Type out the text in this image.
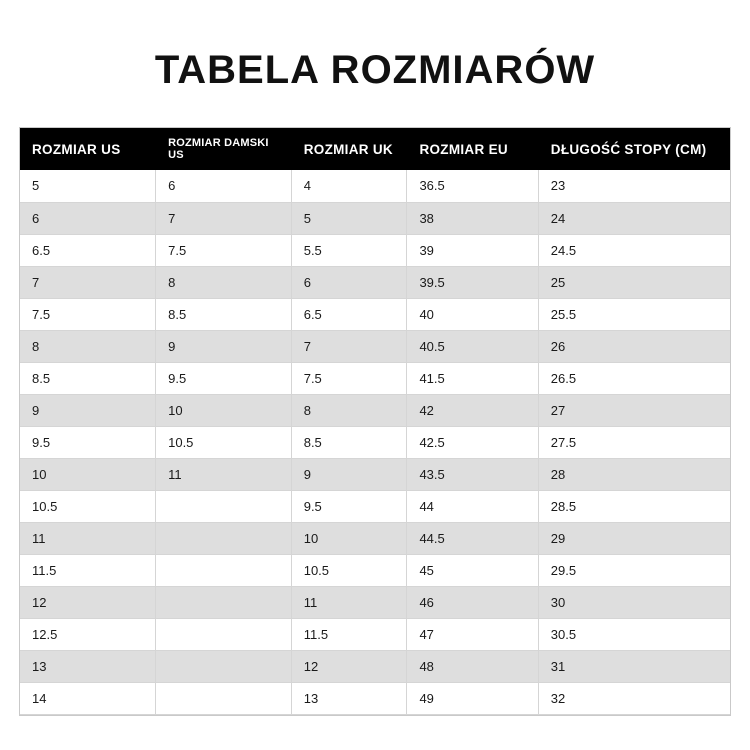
TABELA ROZMIARÓW
ROZMIAR US	ROZMIAR DAMSKI US	ROZMIAR UK	ROZMIAR EU	DŁUGOŚĆ STOPY (CM)
5	6	4	36.5	23
6	7	5	38	24
6.5	7.5	5.5	39	24.5
7	8	6	39.5	25
7.5	8.5	6.5	40	25.5
8	9	7	40.5	26
8.5	9.5	7.5	41.5	26.5
9	10	8	42	27
9.5	10.5	8.5	42.5	27.5
10	11	9	43.5	28
10.5		9.5	44	28.5
11		10	44.5	29
11.5		10.5	45	29.5
12		11	46	30
12.5		11.5	47	30.5
13		12	48	31
14		13	49	32
